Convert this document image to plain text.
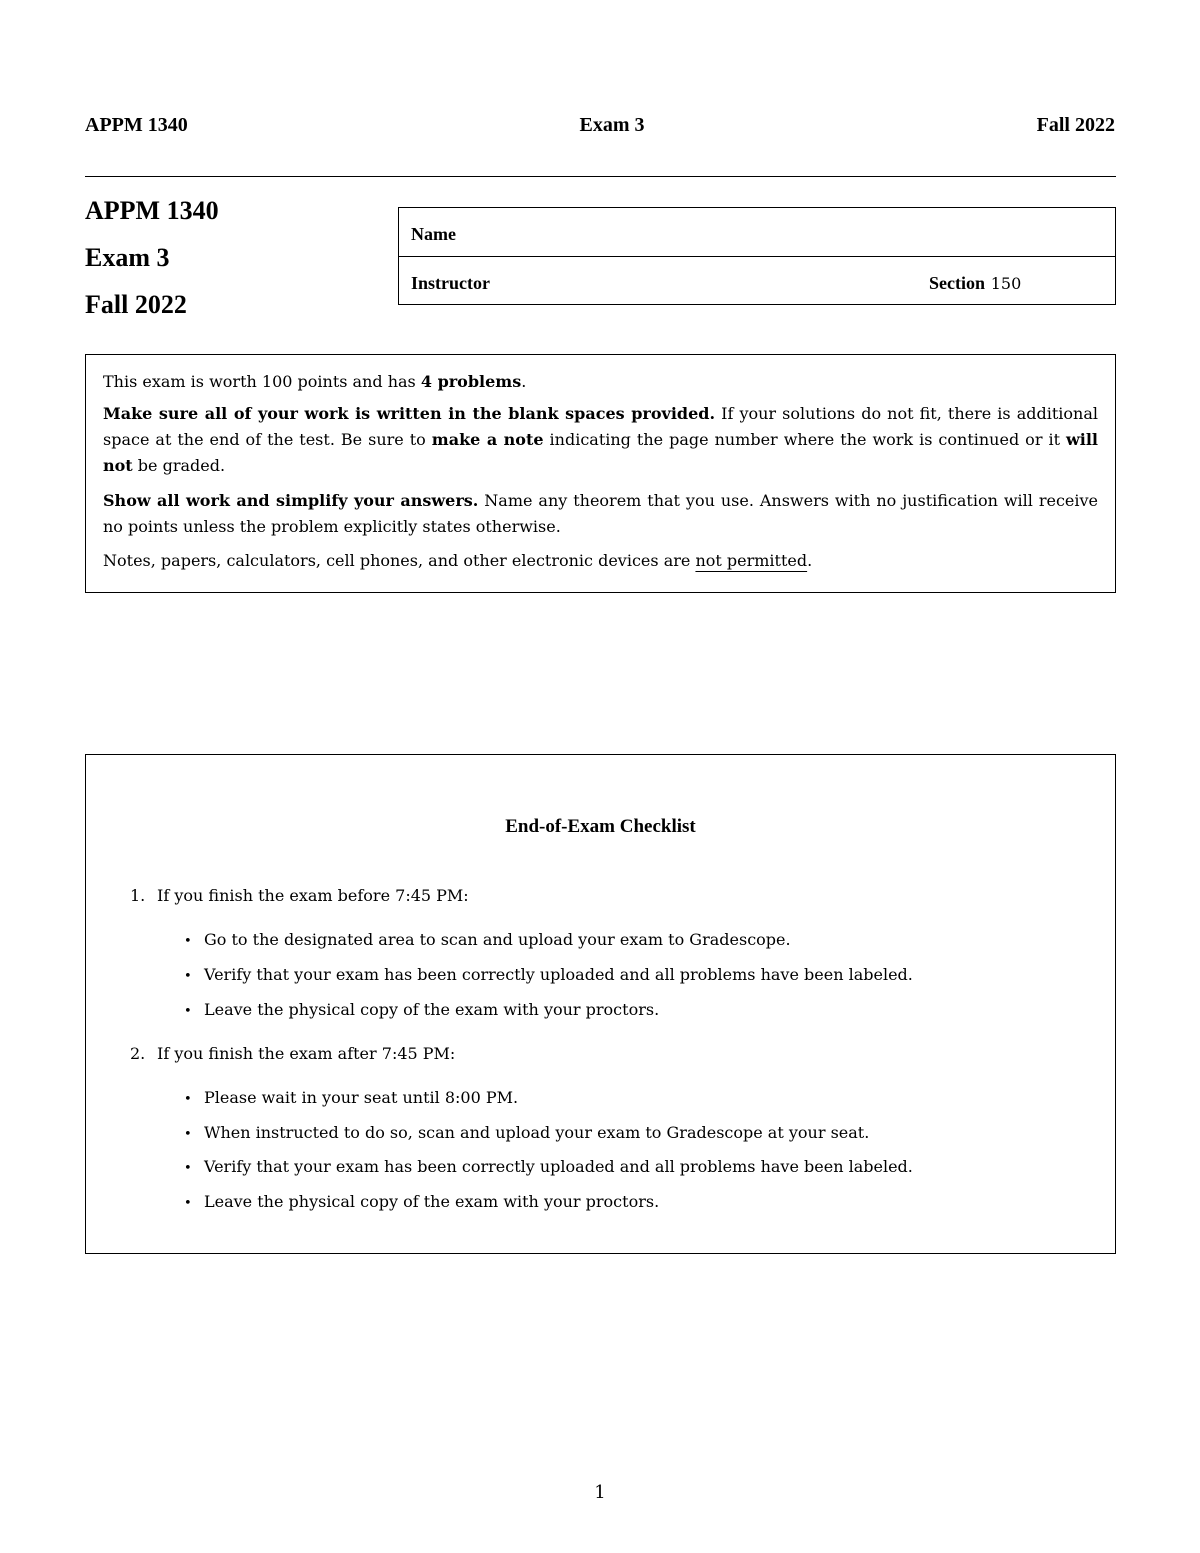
APPM 1340	Exam 3	Fall 2022
APPM 1340
Exam 3
Fall 2022
Name
Instructor	Section 150
This exam is worth 100 points and has 4 problems.
Make sure all of your work is written in the blank spaces provided. If your solutions do not fit, there is additional space at the end of the test. Be sure to make a note indicating the page number where the work is continued or it will not be graded.
Show all work and simplify your answers. Name any theorem that you use. Answers with no justification will receive no points unless the problem explicitly states otherwise.
Notes, papers, calculators, cell phones, and other electronic devices are not permitted.
End-of-Exam Checklist
1. If you finish the exam before 7:45 PM:
• Go to the designated area to scan and upload your exam to Gradescope.
• Verify that your exam has been correctly uploaded and all problems have been labeled.
• Leave the physical copy of the exam with your proctors.
2. If you finish the exam after 7:45 PM:
• Please wait in your seat until 8:00 PM.
• When instructed to do so, scan and upload your exam to Gradescope at your seat.
• Verify that your exam has been correctly uploaded and all problems have been labeled.
• Leave the physical copy of the exam with your proctors.
1
